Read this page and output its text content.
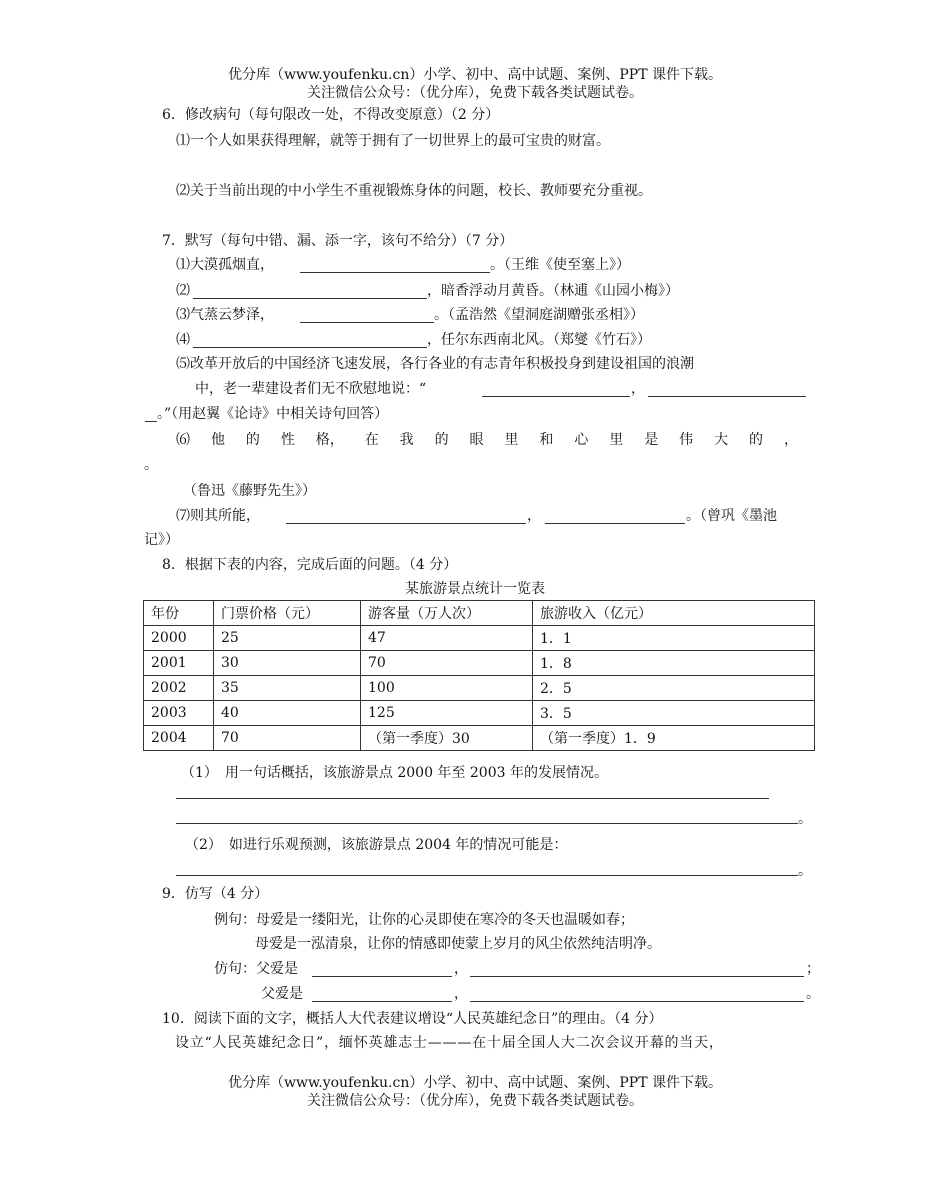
优分库（www.youfenku.cn）小学、初中、高中试题、案例、PPT 课件下载。
关注微信公众号：（优分库），免费下载各类试题试卷。
6．修改病句（每句限改一处，不得改变原意）（2 分）
⑴一个人如果获得理解，就等于拥有了一切世界上的最可宝贵的财富。
⑵关于当前出现的中小学生不重视锻炼身体的问题，校长、教师要充分重视。
7．默写（每句中错、漏、添一字，该句不给分）（7 分）
⑴大漠孤烟直，	。（王维《使至塞上》）
⑵	，暗香浮动月黄昏。（林逋《山园小梅》）
⑶气蒸云梦泽，	。（孟浩然《望洞庭湖赠张丞相》）
⑷	，任尔东西南北风。（郑燮《竹石》）
⑸改革开放后的中国经济飞速发展，各行各业的有志青年积极投身到建设祖国的浪潮
中，老一辈建设者们无不欣慰地说：“	，
。”（用赵翼《论诗》中相关诗句回答）
⑹ 他 的 性 格， 在 我 的 眼 里 和 心 里 是 伟 大 的 ，
。
（鲁迅《藤野先生》）
⑺则其所能，	，	。（曾巩《墨池
记》）
8．根据下表的内容，完成后面的问题。（4 分）
某旅游景点统计一览表
年份	门票价格（元）	游客量（万人次）	旅游收入（亿元）
2000	25	47	1．1
2001	30	70	1．8
2002	35	100	2．5
2003	40	125	3．5
2004	70	（第一季度）30	（第一季度）1．9
（1）　用一句话概括，该旅游景点 2000 年至 2003 年的发展情况。
。
（2）　如进行乐观预测，该旅游景点 2004 年的情况可能是：
。
9．仿写（4 分）
例句：母爱是一缕阳光，让你的心灵即使在寒冷的冬天也温暖如春；
母爱是一泓清泉，让你的情感即使蒙上岁月的风尘依然纯洁明净。
仿句：父爱是	，	；
父爱是	，	。
10．阅读下面的文字，概括人大代表建议增设“人民英雄纪念日”的理由。（4 分）
设立“人民英雄纪念日”，缅怀英雄志士———在十届全国人大二次会议开幕的当天，
优分库（www.youfenku.cn）小学、初中、高中试题、案例、PPT 课件下载。
关注微信公众号：（优分库），免费下载各类试题试卷。
